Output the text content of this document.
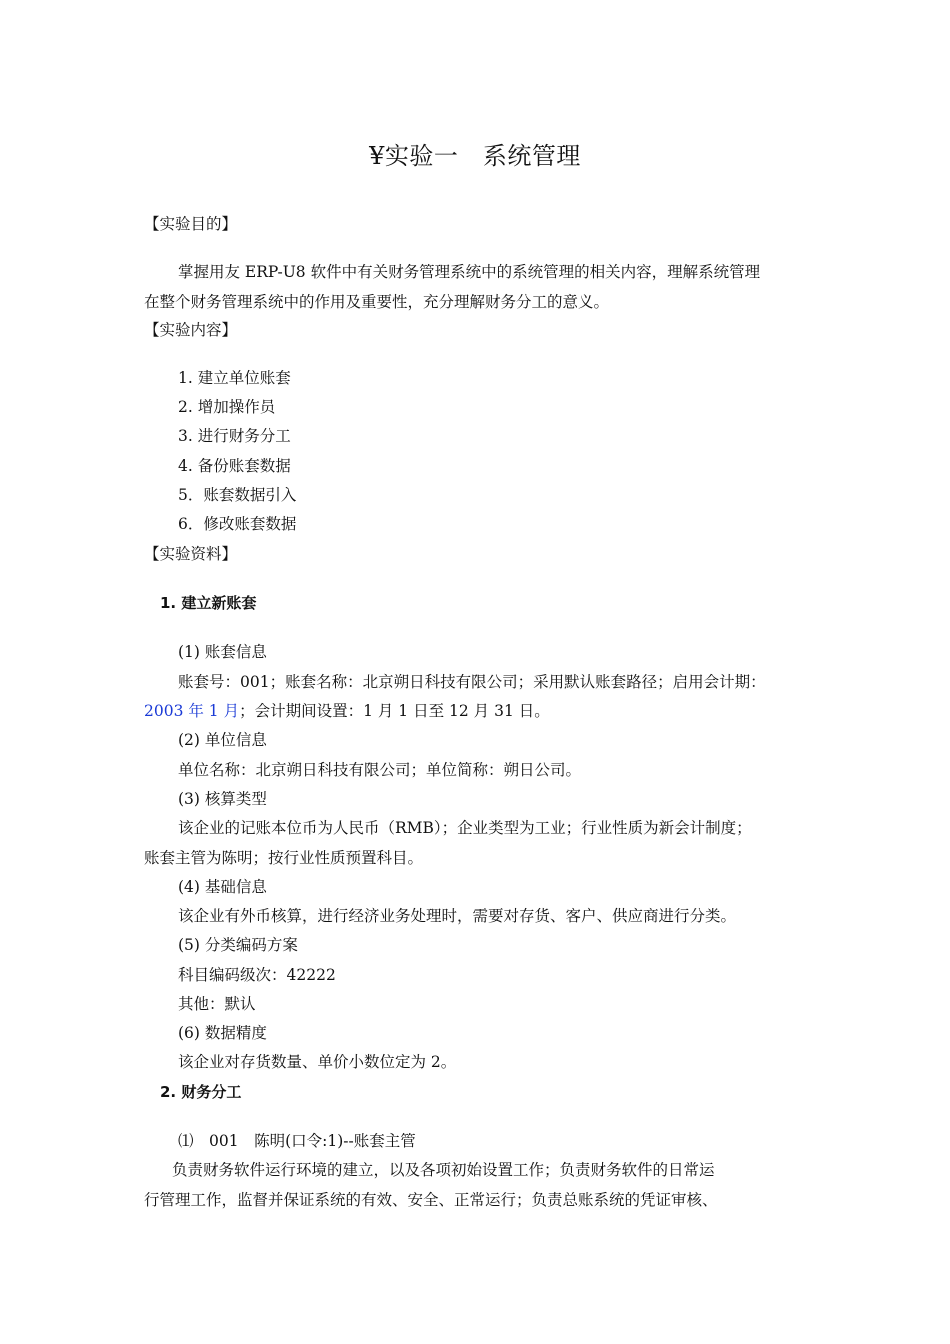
¥实验一　系统管理
【实验目的】
掌握用友 ERP-U8 软件中有关财务管理系统中的系统管理的相关内容，理解系统管理
在整个财务管理系统中的作用及重要性，充分理解财务分工的意义。
【实验内容】
1. 建立单位账套
2. 增加操作员
3. 进行财务分工
4. 备份账套数据
5．账套数据引入
6．修改账套数据
【实验资料】
1. 建立新账套
(1) 账套信息
账套号：001；账套名称：北京朔日科技有限公司；采用默认账套路径；启用会计期：
2003 年 1 月；会计期间设置：1 月 1 日至 12 月 31 日。
(2) 单位信息
单位名称：北京朔日科技有限公司；单位简称：朔日公司。
(3) 核算类型
该企业的记账本位币为人民币（RMB）；企业类型为工业；行业性质为新会计制度；
账套主管为陈明；按行业性质预置科目。
(4) 基础信息
该企业有外币核算，进行经济业务处理时，需要对存货、客户、供应商进行分类。
(5) 分类编码方案
科目编码级次：42222
其他：默认
(6) 数据精度
该企业对存货数量、单价小数位定为 2。
2. 财务分工
⑴　001　陈明(口令:1)--账套主管
负责财务软件运行环境的建立，以及各项初始设置工作；负责财务软件的日常运
行管理工作，监督并保证系统的有效、安全、正常运行；负责总账系统的凭证审核、
